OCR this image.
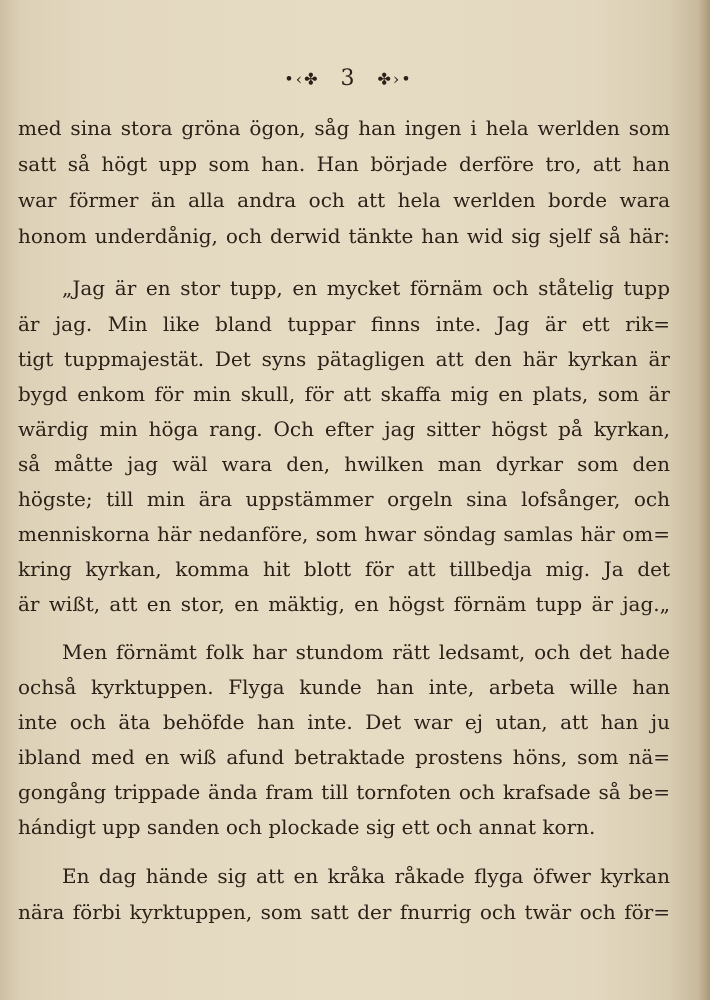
•‹✤ 3 ✤›•
med sina stora gröna ögon, såg han ingen i hela werlden som
satt så högt upp som han. Han började derföre tro, att han
war förmer än alla andra och att hela werlden borde wara
honom underdånig, och derwid tänkte han wid sig sjelf så här:
„Jag är en stor tupp, en mycket förnäm och ståtelig tupp
är jag. Min like bland tuppar finns inte. Jag är ett rik=
tigt tuppmajestät. Det syns pätagligen att den här kyrkan är
bygd enkom för min skull, för att skaffa mig en plats, som är
wärdig min höga rang. Och efter jag sitter högst på kyrkan,
så måtte jag wäl wara den, hwilken man dyrkar som den
högste; till min ära uppstämmer orgeln sina lofsånger, och
menniskorna här nedanföre, som hwar söndag samlas här om=
kring kyrkan, komma hit blott för att tillbedja mig. Ja det
är wißt, att en stor, en mäktig, en högst förnäm tupp är jag.„
Men förnämt folk har stundom rätt ledsamt, och det hade
ochså kyrktuppen. Flyga kunde han inte, arbeta wille han
inte och äta behöfde han inte. Det war ej utan, att han ju
ibland med en wiß afund betraktade prostens höns, som nä=
gongång trippade ända fram till tornfoten och krafsade så be=
hándigt upp sanden och plockade sig ett och annat korn.
En dag hände sig att en kråka råkade flyga öfwer kyrkan
nära förbi kyrktuppen, som satt der fnurrig och twär och för=
